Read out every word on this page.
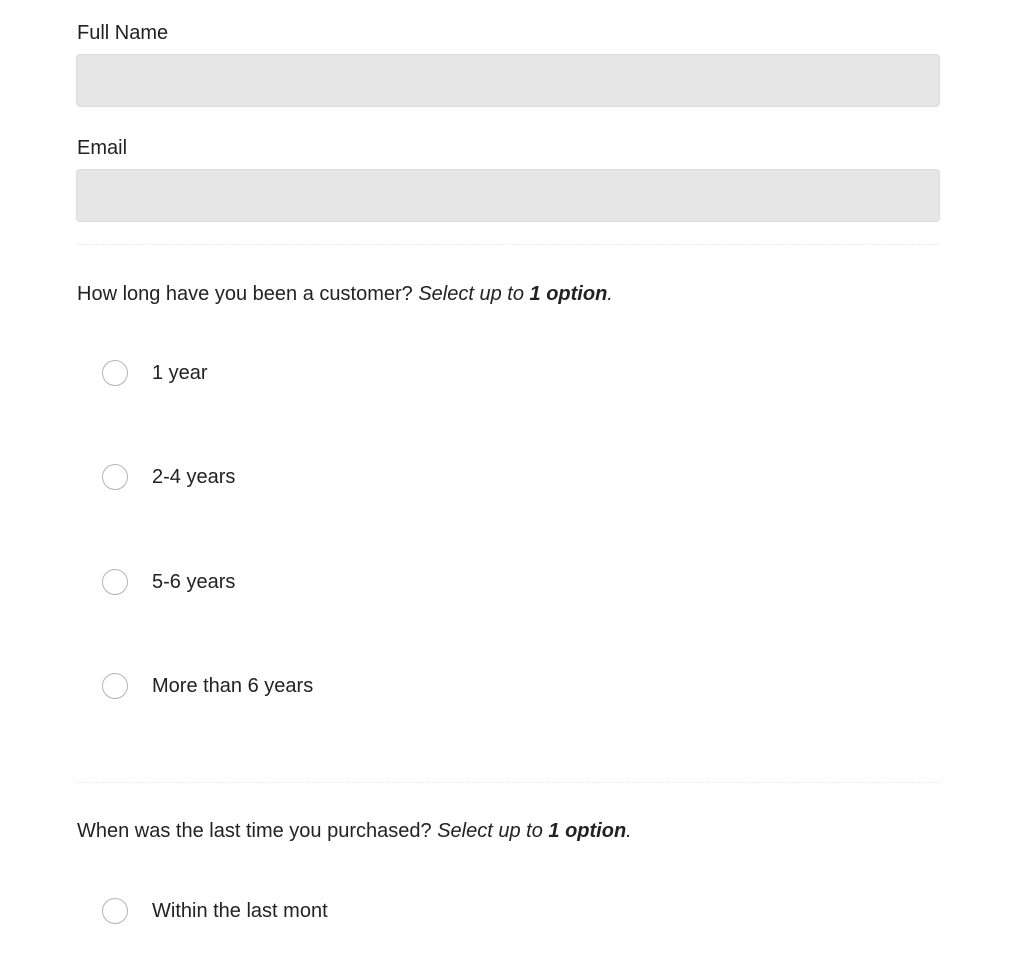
Full Name
Email
How long have you been a customer? Select up to 1 option.
1 year
2-4 years
5-6 years
More than 6 years
When was the last time you purchased? Select up to 1 option.
Within the last mont
